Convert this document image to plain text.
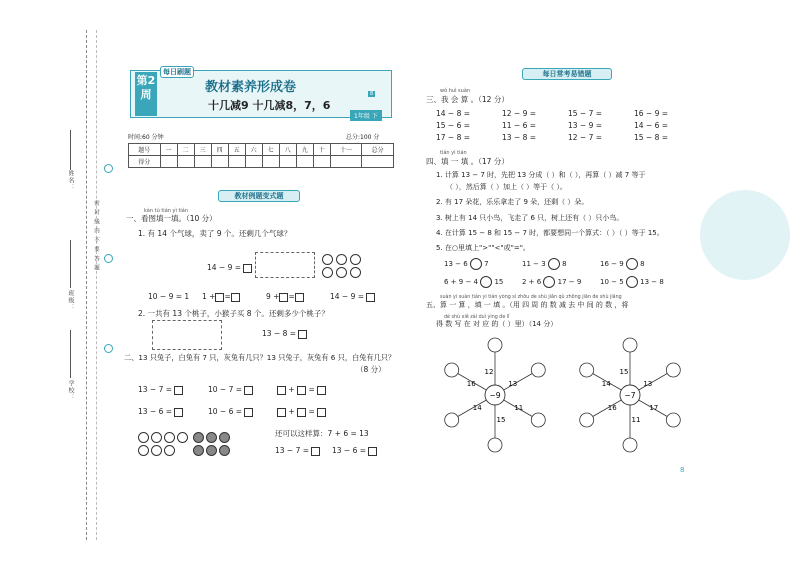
姓名：
班级：
学校：
密 封 线 内 不 要 答 题
第2周
每日刷题
教材素养形成卷
十几减9 十几减8，7，6
8
1年级 下
时间:60 分钟	总分:100 分
题号	一	二	三	四	五	六	七	八	九	十	十一	总分
得分												
教材例题变式题
kàn tú tián yì tián
一、看图填一填。（10 分）
1. 有 14 个气球，卖了 9 个。还剩几个气球？
14 − 9 =
10 − 9 = 1 1 + =	9 + =	14 − 9 =
2. 一共有 13 个桃子，小猴子买 8 个。还剩多少个桃子？
13 − 8 =
二、13 只兔子，白兔有 7 只，灰兔有几只？13 只兔子，灰兔有 6 只，白兔有几只？
（8 分）
13 − 7 =	10 − 7 =	+ =
13 − 6 =	10 − 6 =	+ =
还可以这样算：7 + 6 = 13
13 − 7 =	13 − 6 =
每日常考易错题
wǒ huì suàn
三、我 会 算 。（12 分）
14 − 8 =	12 − 9 =	15 − 7 =	16 − 9 =
15 − 6 =	11 − 6 =	13 − 9 =	14 − 6 =
17 − 8 =	13 − 8 =	12 − 7 =	15 − 8 =
tián yì tián
四、填 一 填 。（17 分）
1. 计算 13 − 7 时，先把 13 分成（ ）和（ ），再算（ ）减 7 等于
（ ），然后算（ ）加上（ ）等于（ ）。
2. 有 17 朵花，乐乐拿走了 9 朵，还剩（ ）朵。
3. 树上有 14 只小鸟，飞走了 6 只，树上还有（ ）只小鸟。
4. 在计算 15 − 8 和 15 − 7 时，都要想同一个算式：（ ）（ ）等于 15。
5. 在○里填上">""<"或"="。
13 − 6  7	11 − 3  8	16 − 9  8
6 + 9 − 4  15	2 + 6  17 − 9	10 − 5  13 − 8
suàn yi suàn tián yi tián yòng sì zhōu de shù jiǎn qù zhōng jiān de shù jiāng
五、算 一 算 ，填 一 填 。（用 四 周 的 数 减 去 中 间 的 数 ，将
dé shù xiě zài duì yìng de lǐ
得 数 写 在 对 应 的（ ）里）（14 分）
12
13
11
15
14
16
−9
15
13
17
11
16
14
−7
8
